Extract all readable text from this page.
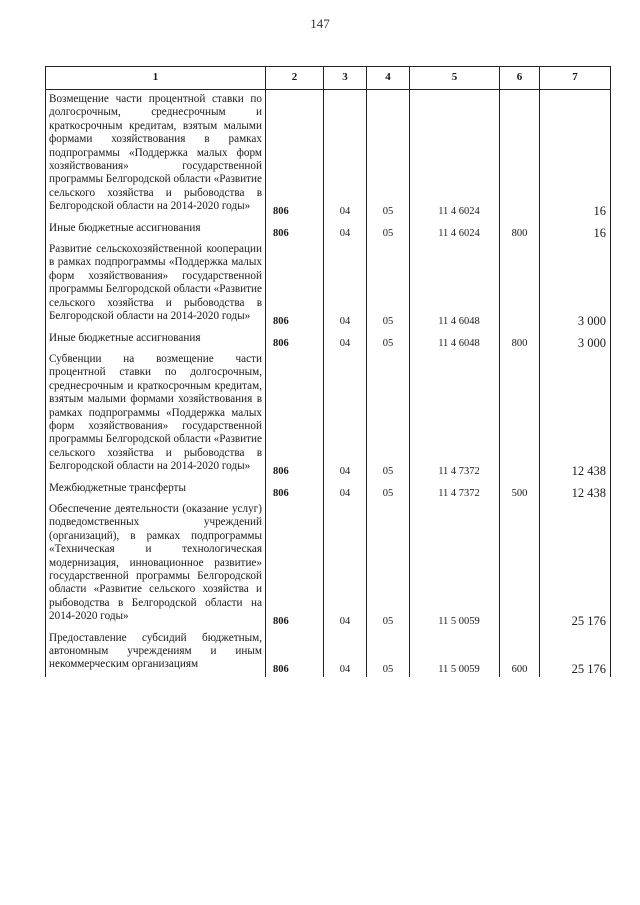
147
1	2	3	4	5	6	7
Возмещение части процентной ставки по долгосрочным, среднесрочным и краткосрочным кредитам, взятым малыми формами хозяйствования в рамках подпрограммы «Поддержка малых форм хозяйствования» государственной программы Белгородской области «Развитие сельского хозяйства и рыбоводства в Белгородской области на 2014-2020 годы»	806	04	05	11 4 6024		16
Иные бюджетные ассигнования	806	04	05	11 4 6024	800	16
Развитие сельскохозяйственной кооперации в рамках подпрограммы «Поддержка малых форм хозяйствования» государственной программы Белгородской области «Развитие сельского хозяйства и рыбоводства в Белгородской области на 2014-2020 годы»	806	04	05	11 4 6048		3 000
Иные бюджетные ассигнования	806	04	05	11 4 6048	800	3 000
Субвенции на возмещение части процентной ставки по долгосрочным, среднесрочным и краткосрочным кредитам, взятым малыми формами хозяйствования в рамках подпрограммы «Поддержка малых форм хозяйствования» государственной программы Белгородской области «Развитие сельского хозяйства и рыбоводства в Белгородской области на 2014-2020 годы»	806	04	05	11 4 7372		12 438
Межбюджетные трансферты	806	04	05	11 4 7372	500	12 438
Обеспечение деятельности (оказание услуг) подведомственных учреждений (организаций), в рамках подпрограммы «Техническая и технологическая модернизация, инновационное развитие» государственной программы Белгородской области «Развитие сельского хозяйства и рыбоводства в Белгородской области на 2014-2020 годы»	806	04	05	11 5 0059		25 176
Предоставление субсидий бюджетным, автономным учреждениям и иным некоммерческим организациям	806	04	05	11 5 0059	600	25 176
